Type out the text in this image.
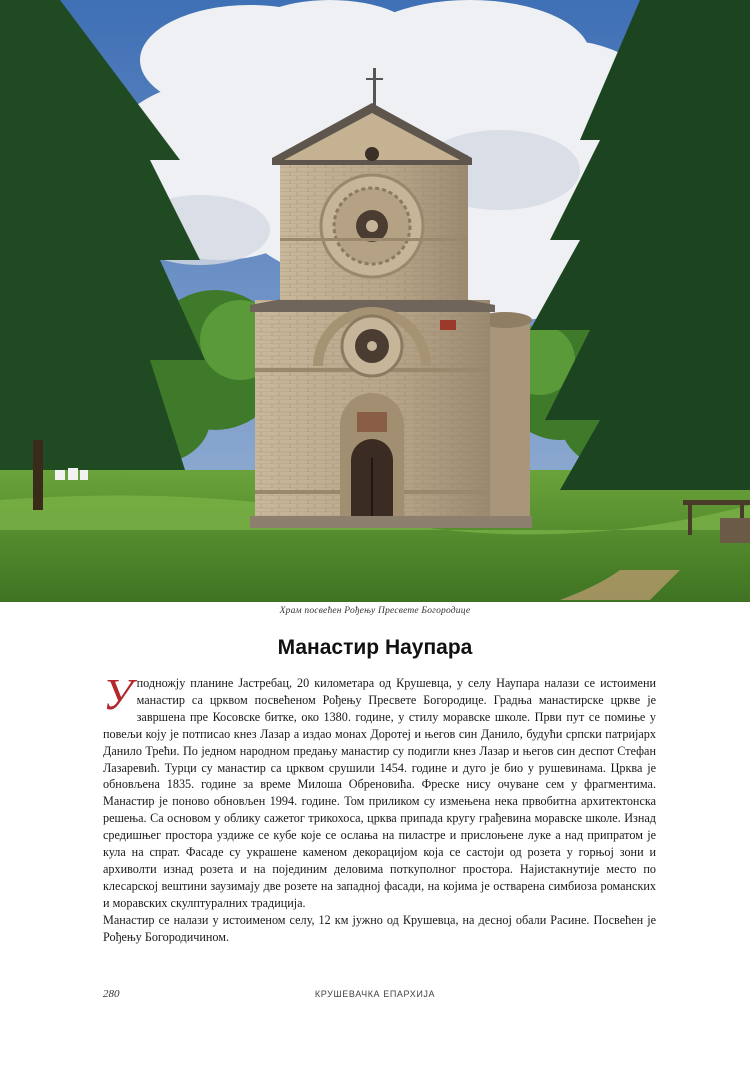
Храм посвећен Рођењу Пресвете Богородице
Манастир Наупара

Уподножју планине Јастребац, 20 километара од Крушевца, у селу Наупара налази се истоимени манастир са црквом посвећеном Рођењу Пресвете Богородице. Градња манастирске цркве је завршена пре Косовске битке, око 1380. године, у стилу моравске школе. Први пут се помиње у повељи коју је потписао кнез Лазар а издао монах Доротеј и његов син Данило, будући српски патријарх Данило Трећи. По једном народном предању манастир су подигли кнез Лазар и његов син деспот Стефан Лазаревић. Турци су манастир са црквом срушили 1454. године и дуго је био у рушевинама. Црква је обновљена 1835. године за време Милоша Обреновића. Фреске нису очуване сем у фрагментима. Манастир је поново обновљен 1994. године. Том приликом су измењена нека првобитна архитектонска решења. Са основом у облику сажетог трикохоса, црква припада кругу грађевина моравске школе. Изнад средишњег простора уздиже се кубе које се ослања на пиластре и прислоњене луке а над припратом је кула на спрат. Фасаде су украшене каменом декорацијом која се састоји од розета у горњој зони и архиволти изнад розета и на појединим деловима поткуполног простора. Најистакнутије место по клесарској вештини заузимају две розете на западној фасади, на којима је остварена симбиоза романских и моравских скулптуралних традиција.

Манастир се налази у истоименом селу, 12 км јужно од Крушевца, на десној обали Расине. Посвећен је Рођењу Богородичином.

280	КРУШЕВАЧКА ЕПАРХИЈА
